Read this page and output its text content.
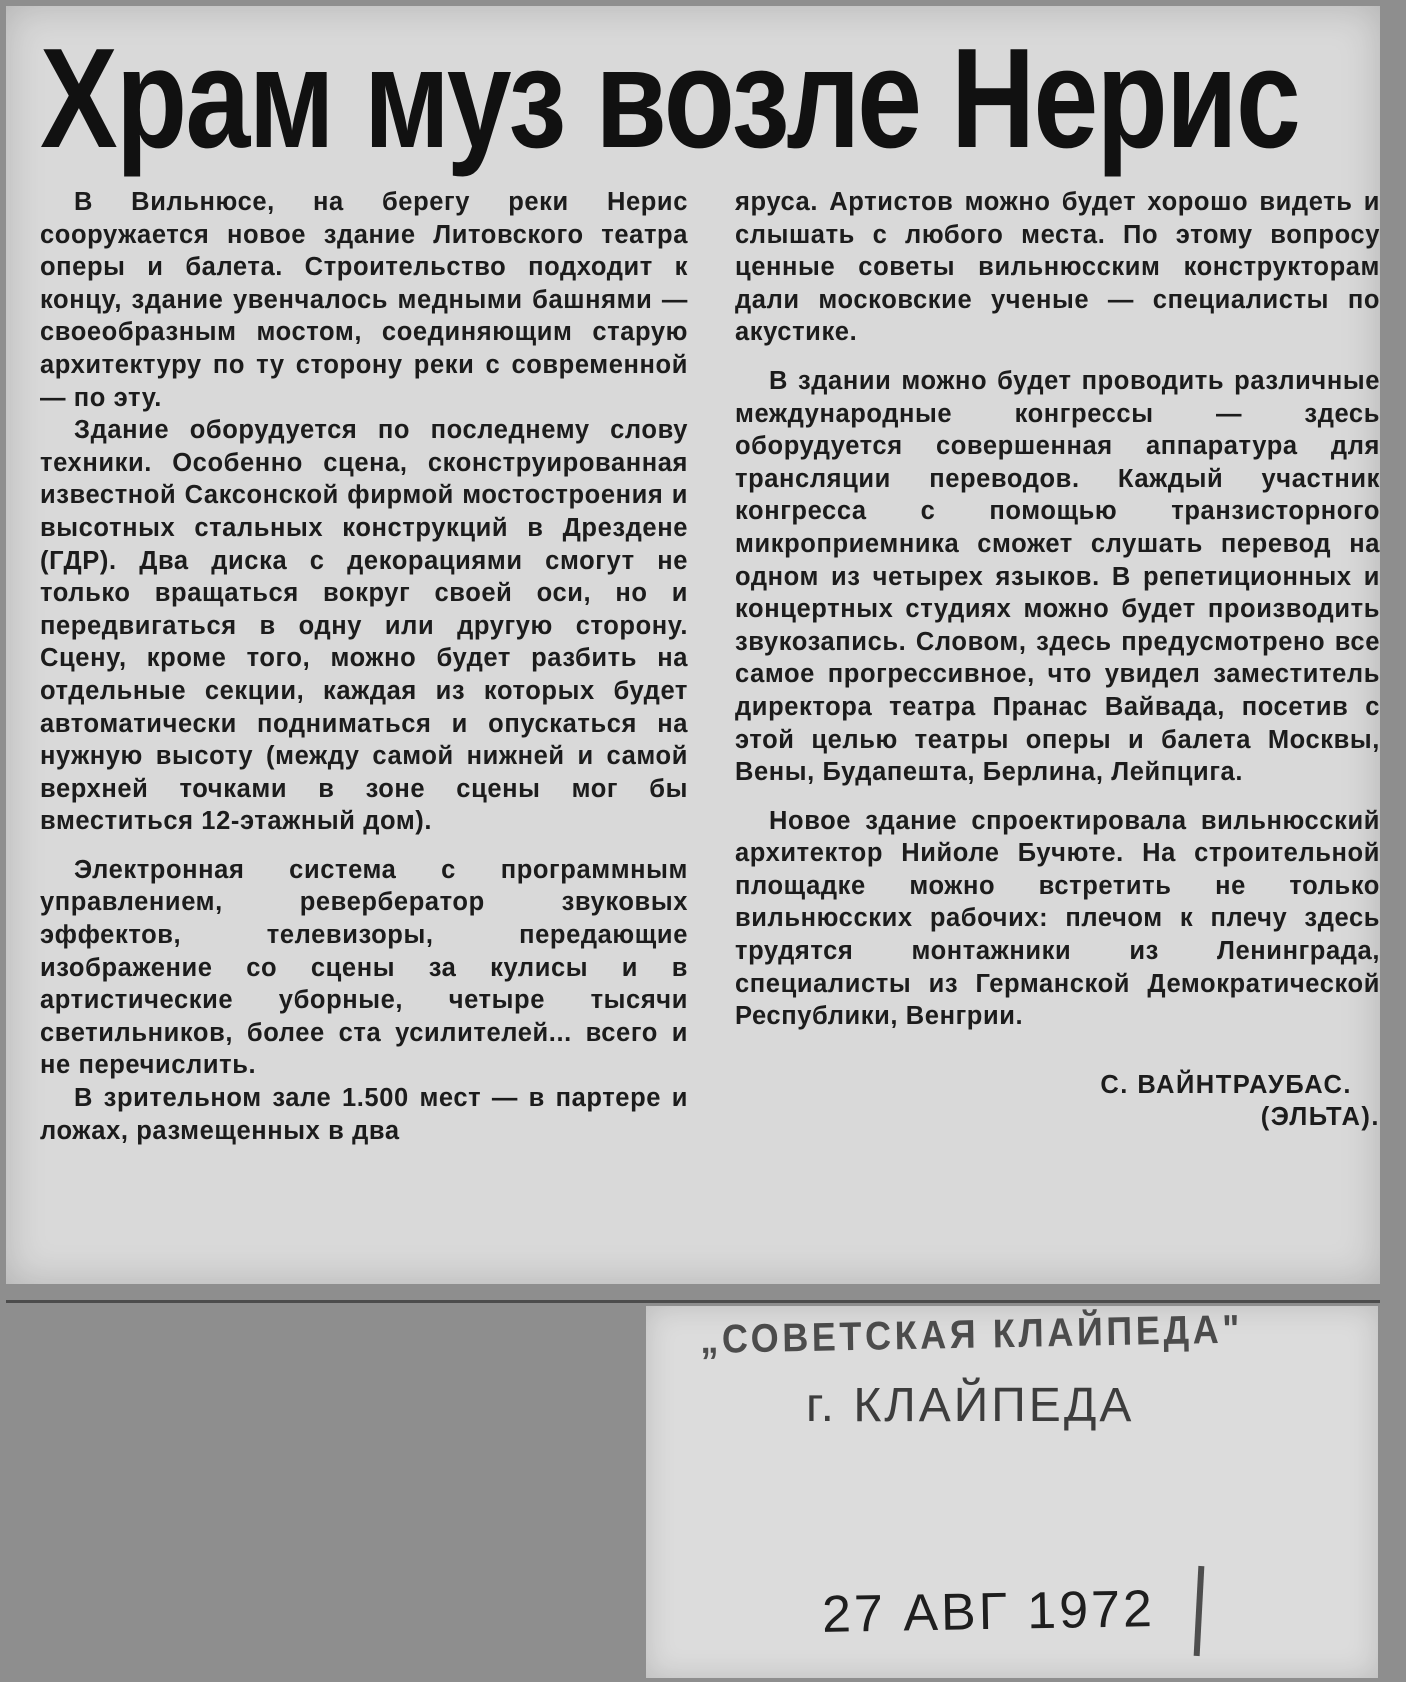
Храм муз возле Нерис

В Вильнюсе, на берегу реки Нерис сооружается новое здание Литовского театра оперы и балета. Строительство подходит к концу, здание увенчалось медными башнями — своеобразным мостом, соединяющим старую архитектуру по ту сторону реки с современной — по эту.

Здание оборудуется по последнему слову техники. Особенно сцена, сконструированная известной Саксонской фирмой мостостроения и высотных стальных конструкций в Дрездене (ГДР). Два диска с декорациями смогут не только вращаться вокруг своей оси, но и передвигаться в одну или другую сторону. Сцену, кроме того, можно будет разбить на отдельные секции, каждая из которых будет автоматически подниматься и опускаться на нужную высоту (между самой нижней и самой верхней точками в зоне сцены мог бы вместиться 12-этажный дом).

Электронная система с программным управлением, ревербератор звуковых эффектов, телевизоры, передающие изображение со сцены за кулисы и в артистические уборные, четыре тысячи светильников, более ста усилителей... всего и не перечислить.

В зрительном зале 1.500 мест — в партере и ложах, размещенных в два

яруса. Артистов можно будет хорошо видеть и слышать с любого места. По этому вопросу ценные советы вильнюсским конструкторам дали московские ученые — специалисты по акустике.

В здании можно будет проводить различные международные конгрессы — здесь оборудуется совершенная аппаратура для трансляции переводов. Каждый участник конгресса с помощью транзисторного микроприемника сможет слушать перевод на одном из четырех языков. В репетиционных и концертных студиях можно будет производить звукозапись. Словом, здесь предусмотрено все самое прогрессивное, что увидел заместитель директора театра Пранас Вайвада, посетив с этой целью театры оперы и балета Москвы, Вены, Будапешта, Берлина, Лейпцига.

Новое здание спроектировала вильнюсский архитектор Нийоле Бучюте. На строительной площадке можно встретить не только вильнюсских рабочих: плечом к плечу здесь трудятся монтажники из Ленинграда, специалисты из Германской Демократической Республики, Венгрии.

С. ВАЙНТРАУБАС.
(ЭЛЬТА).
„СОВЕТСКАЯ КЛАЙПЕДА"
г. КЛАЙПЕДА
27 АВГ 1972
